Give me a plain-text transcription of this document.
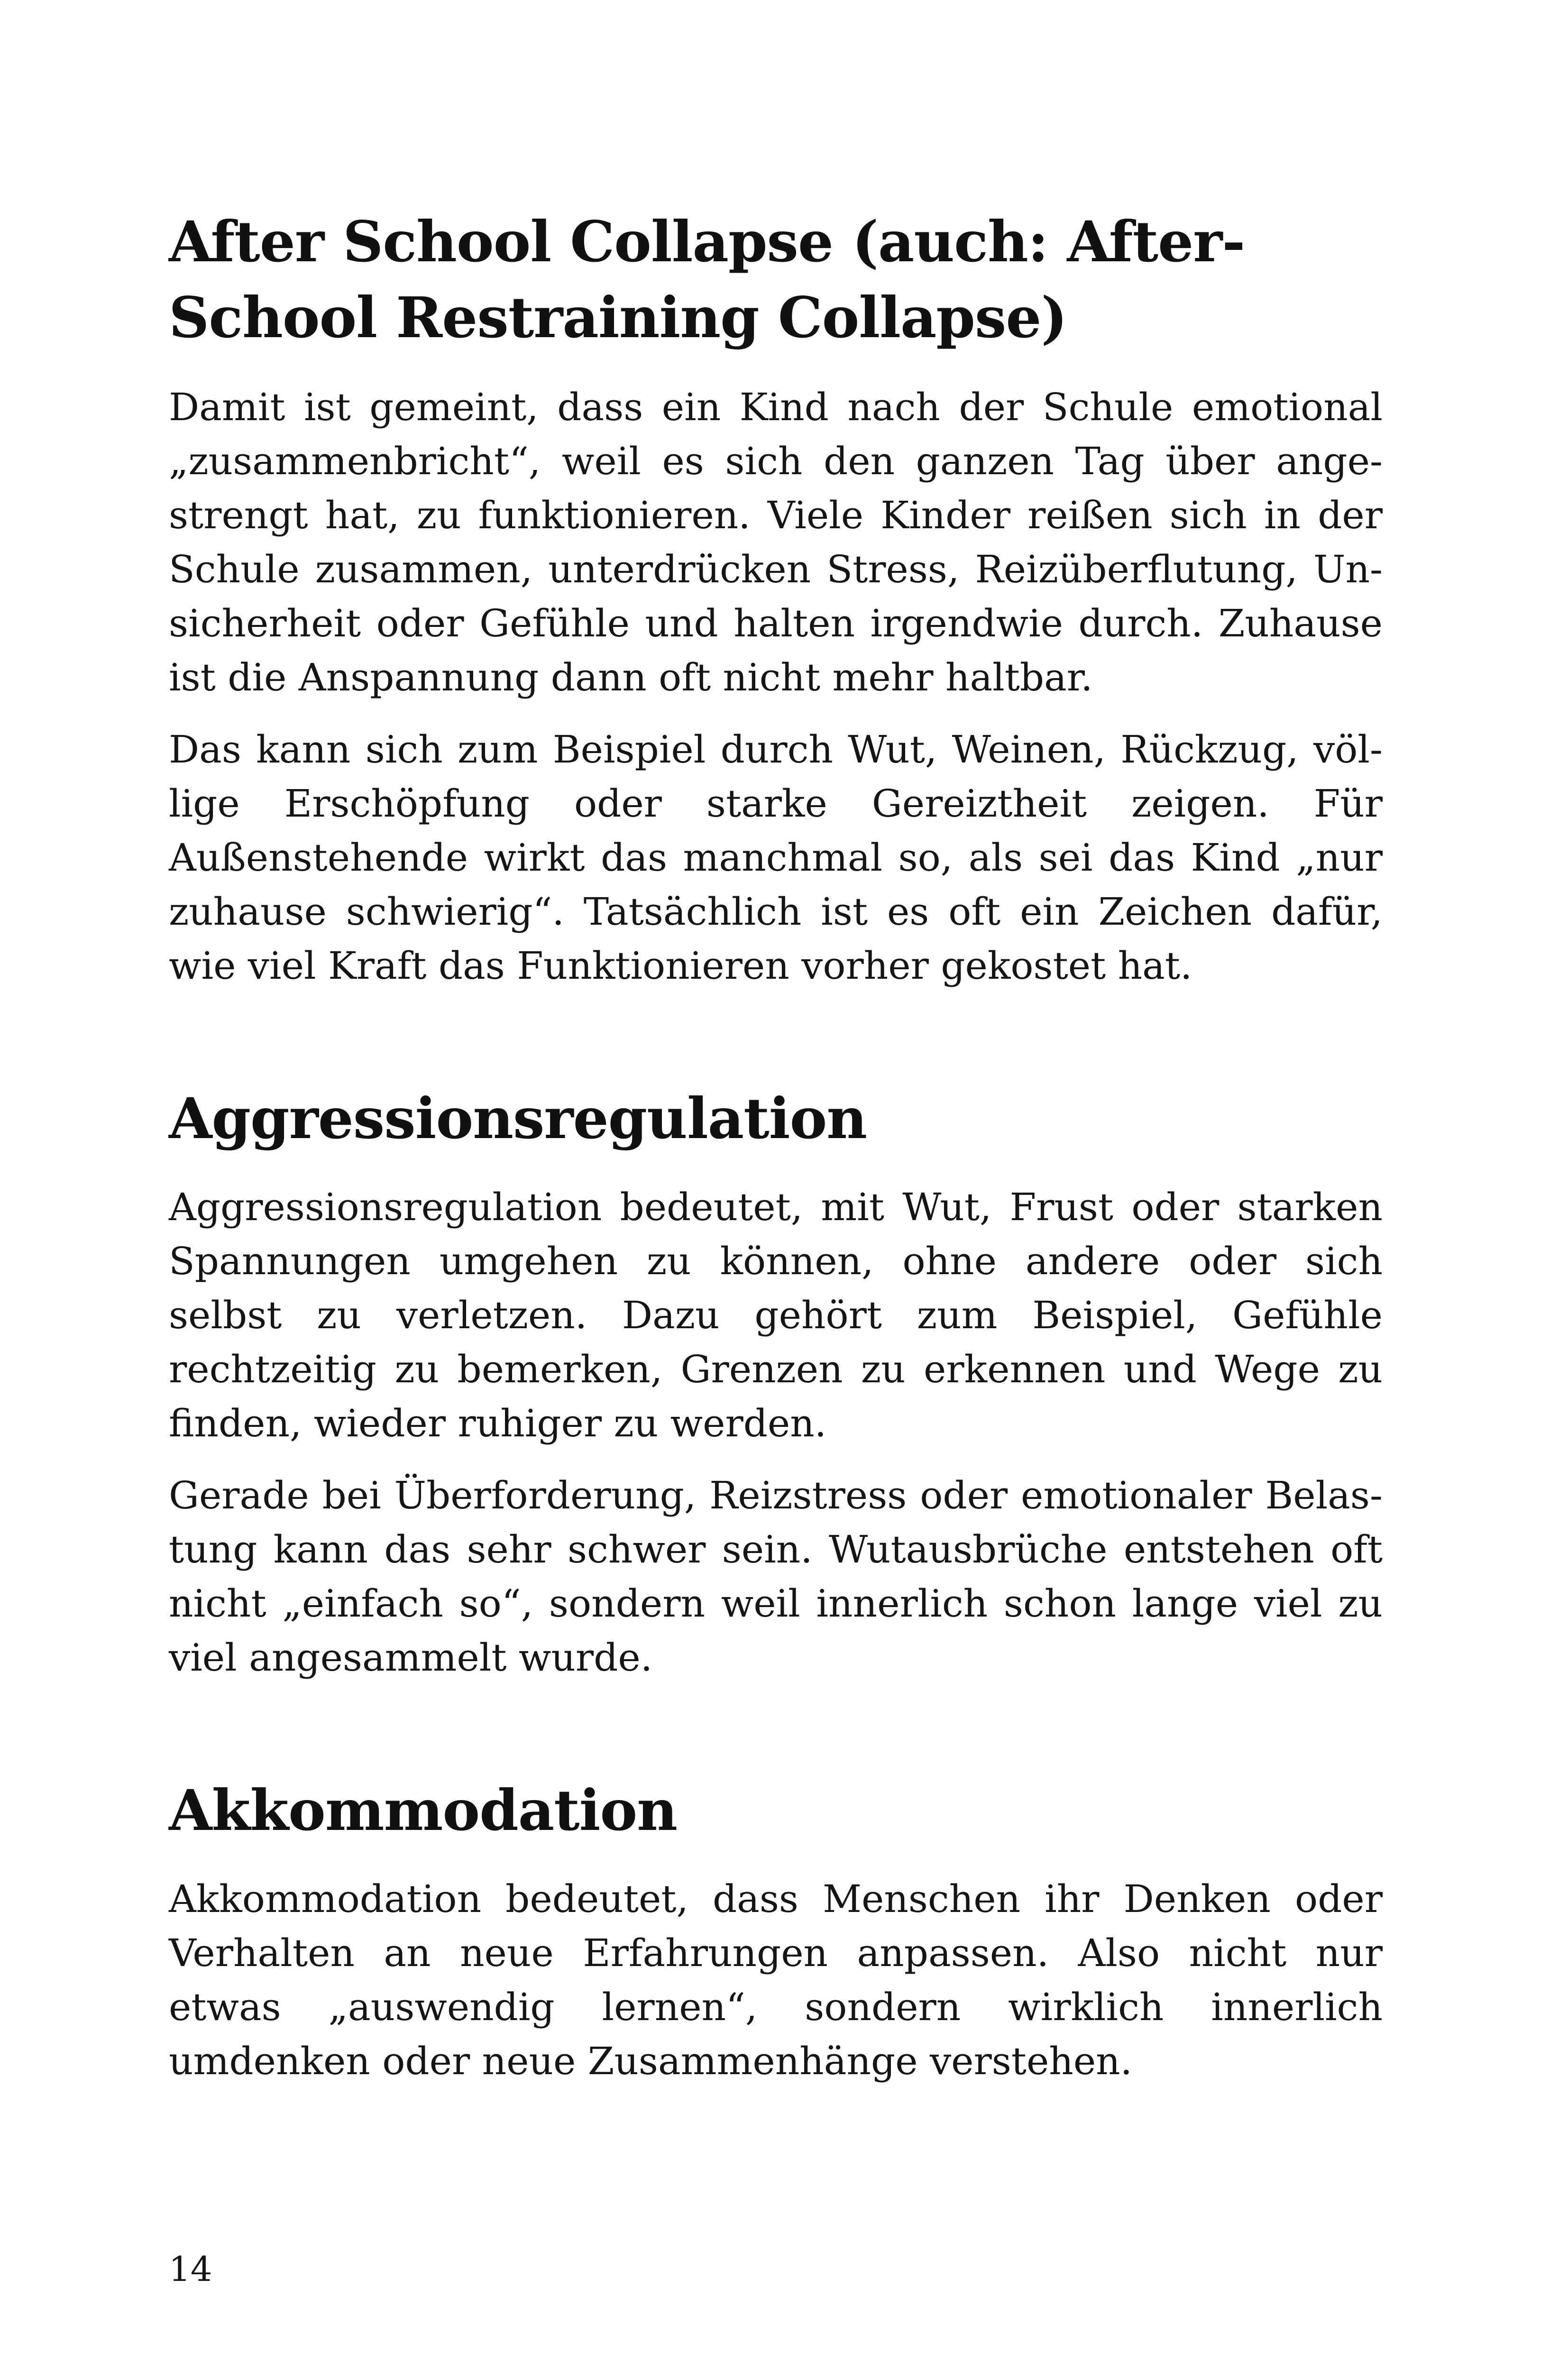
After School Collapse (auch: After-School Restraining Collapse)

Damit ist gemeint, dass ein Kind nach der Schule emotional „zusammenbricht“, weil es sich den ganzen Tag über angestrengt hat, zu funktionieren. Viele Kinder reißen sich in der Schule zusammen, unterdrücken Stress, Reizüberflutung, Unsicherheit oder Gefühle und halten irgendwie durch. Zuhause ist die Anspannung dann oft nicht mehr haltbar.

Das kann sich zum Beispiel durch Wut, Weinen, Rückzug, völlige Erschöpfung oder starke Gereiztheit zeigen. Für Außenstehende wirkt das manchmal so, als sei das Kind „nur zuhause schwierig“. Tatsächlich ist es oft ein Zeichen dafür, wie viel Kraft das Funktionieren vorher gekostet hat.

Aggressionsregulation

Aggressionsregulation bedeutet, mit Wut, Frust oder starken Spannungen umgehen zu können, ohne andere oder sich selbst zu verletzen. Dazu gehört zum Beispiel, Gefühle rechtzeitig zu bemerken, Grenzen zu erkennen und Wege zu finden, wieder ruhiger zu werden.

Gerade bei Überforderung, Reizstress oder emotionaler Belastung kann das sehr schwer sein. Wutausbrüche entstehen oft nicht „einfach so“, sondern weil innerlich schon lange viel zu viel angesammelt wurde.

Akkommodation

Akkommodation bedeutet, dass Menschen ihr Denken oder Verhalten an neue Erfahrungen anpassen. Also nicht nur etwas „auswendig lernen“, sondern wirklich innerlich umdenken oder neue Zusammenhänge verstehen.

14
